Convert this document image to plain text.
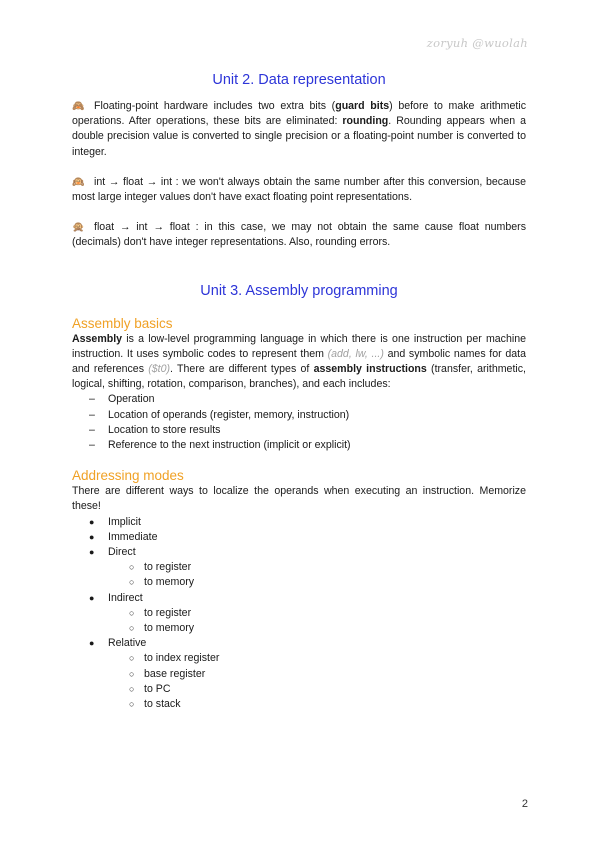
zoryuh @wuolah
Unit 2. Data representation

🙈 Floating-point hardware includes two extra bits (guard bits) before to make arithmetic operations. After operations, these bits are eliminated: rounding. Rounding appears when a double precision value is converted to single precision or a floating-point number is converted to integer.

🙉 int → float → int : we won't always obtain the same number after this conversion, because most large integer values don't have exact floating point representations.

🙊 float → int → float : in this case, we may not obtain the same cause float numbers (decimals) don't have integer representations. Also, rounding errors.

Unit 3. Assembly programming
Assembly basics

Assembly is a low-level programming language in which there is one instruction per machine instruction. It uses symbolic codes to represent them (add, lw, ...) and symbolic names for data and references ($t0). There are different types of assembly instructions (transfer, arithmetic, logical, shifting, rotation, comparison, branches), and each includes:

– Operation
– Location of operands (register, memory, instruction)
– Location to store results
– Reference to the next instruction (implicit or explicit)
Addressing modes

There are different ways to localize the operands when executing an instruction. Memorize these!

● Implicit
● Immediate
● Direct
○ to register
○ to memory
● Indirect
○ to register
○ to memory
● Relative
○ to index register
○ base register
○ to PC
○ to stack
2
